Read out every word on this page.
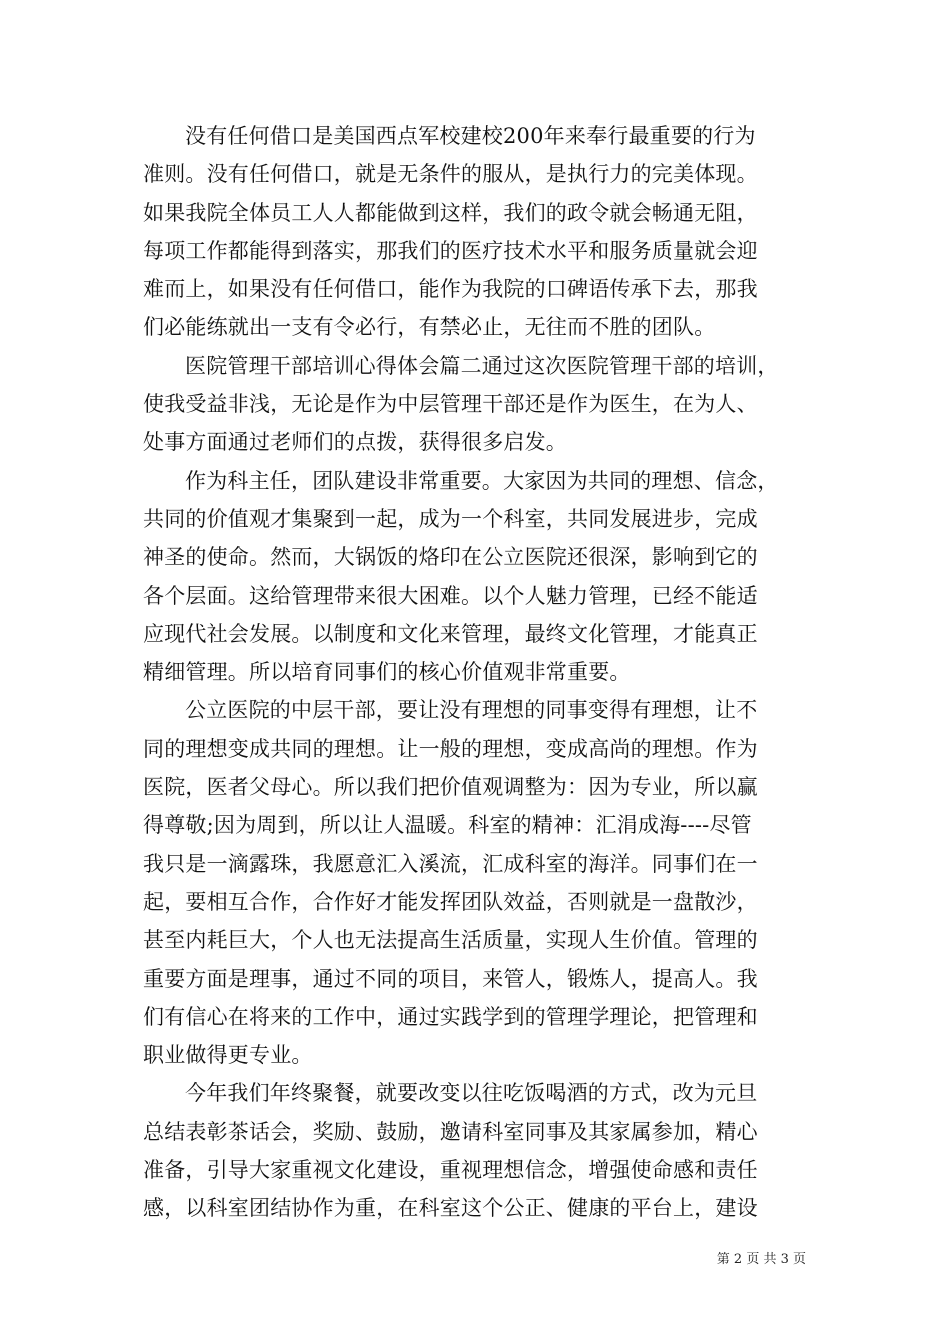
没有任何借口是美国西点军校建校200年来奉行最重要的行为
准则。没有任何借口，就是无条件的服从，是执行力的完美体现。
如果我院全体员工人人都能做到这样，我们的政令就会畅通无阻，
每项工作都能得到落实，那我们的医疗技术水平和服务质量就会迎
难而上，如果没有任何借口，能作为我院的口碑语传承下去，那我
们必能练就出一支有令必行，有禁必止，无往而不胜的团队。
医院管理干部培训心得体会篇二通过这次医院管理干部的培训，
使我受益非浅，无论是作为中层管理干部还是作为医生，在为人、
处事方面通过老师们的点拨，获得很多启发。
作为科主任，团队建设非常重要。大家因为共同的理想、信念，
共同的价值观才集聚到一起，成为一个科室，共同发展进步，完成
神圣的使命。然而，大锅饭的烙印在公立医院还很深，影响到它的
各个层面。这给管理带来很大困难。以个人魅力管理，已经不能适
应现代社会发展。以制度和文化来管理，最终文化管理，才能真正
精细管理。所以培育同事们的核心价值观非常重要。
公立医院的中层干部，要让没有理想的同事变得有理想，让不
同的理想变成共同的理想。让一般的理想，变成高尚的理想。作为
医院，医者父母心。所以我们把价值观调整为：因为专业，所以赢
得尊敬;因为周到，所以让人温暖。科室的精神：汇涓成海----尽管
我只是一滴露珠，我愿意汇入溪流，汇成科室的海洋。同事们在一
起，要相互合作，合作好才能发挥团队效益，否则就是一盘散沙，
甚至内耗巨大，个人也无法提高生活质量，实现人生价值。管理的
重要方面是理事，通过不同的项目，来管人，锻炼人，提高人。我
们有信心在将来的工作中，通过实践学到的管理学理论，把管理和
职业做得更专业。
今年我们年终聚餐，就要改变以往吃饭喝酒的方式，改为元旦
总结表彰茶话会，奖励、鼓励，邀请科室同事及其家属参加，精心
准备，引导大家重视文化建设，重视理想信念，增强使命感和责任
感，以科室团结协作为重，在科室这个公正、健康的平台上，建设
第 2 页 共 3 页
